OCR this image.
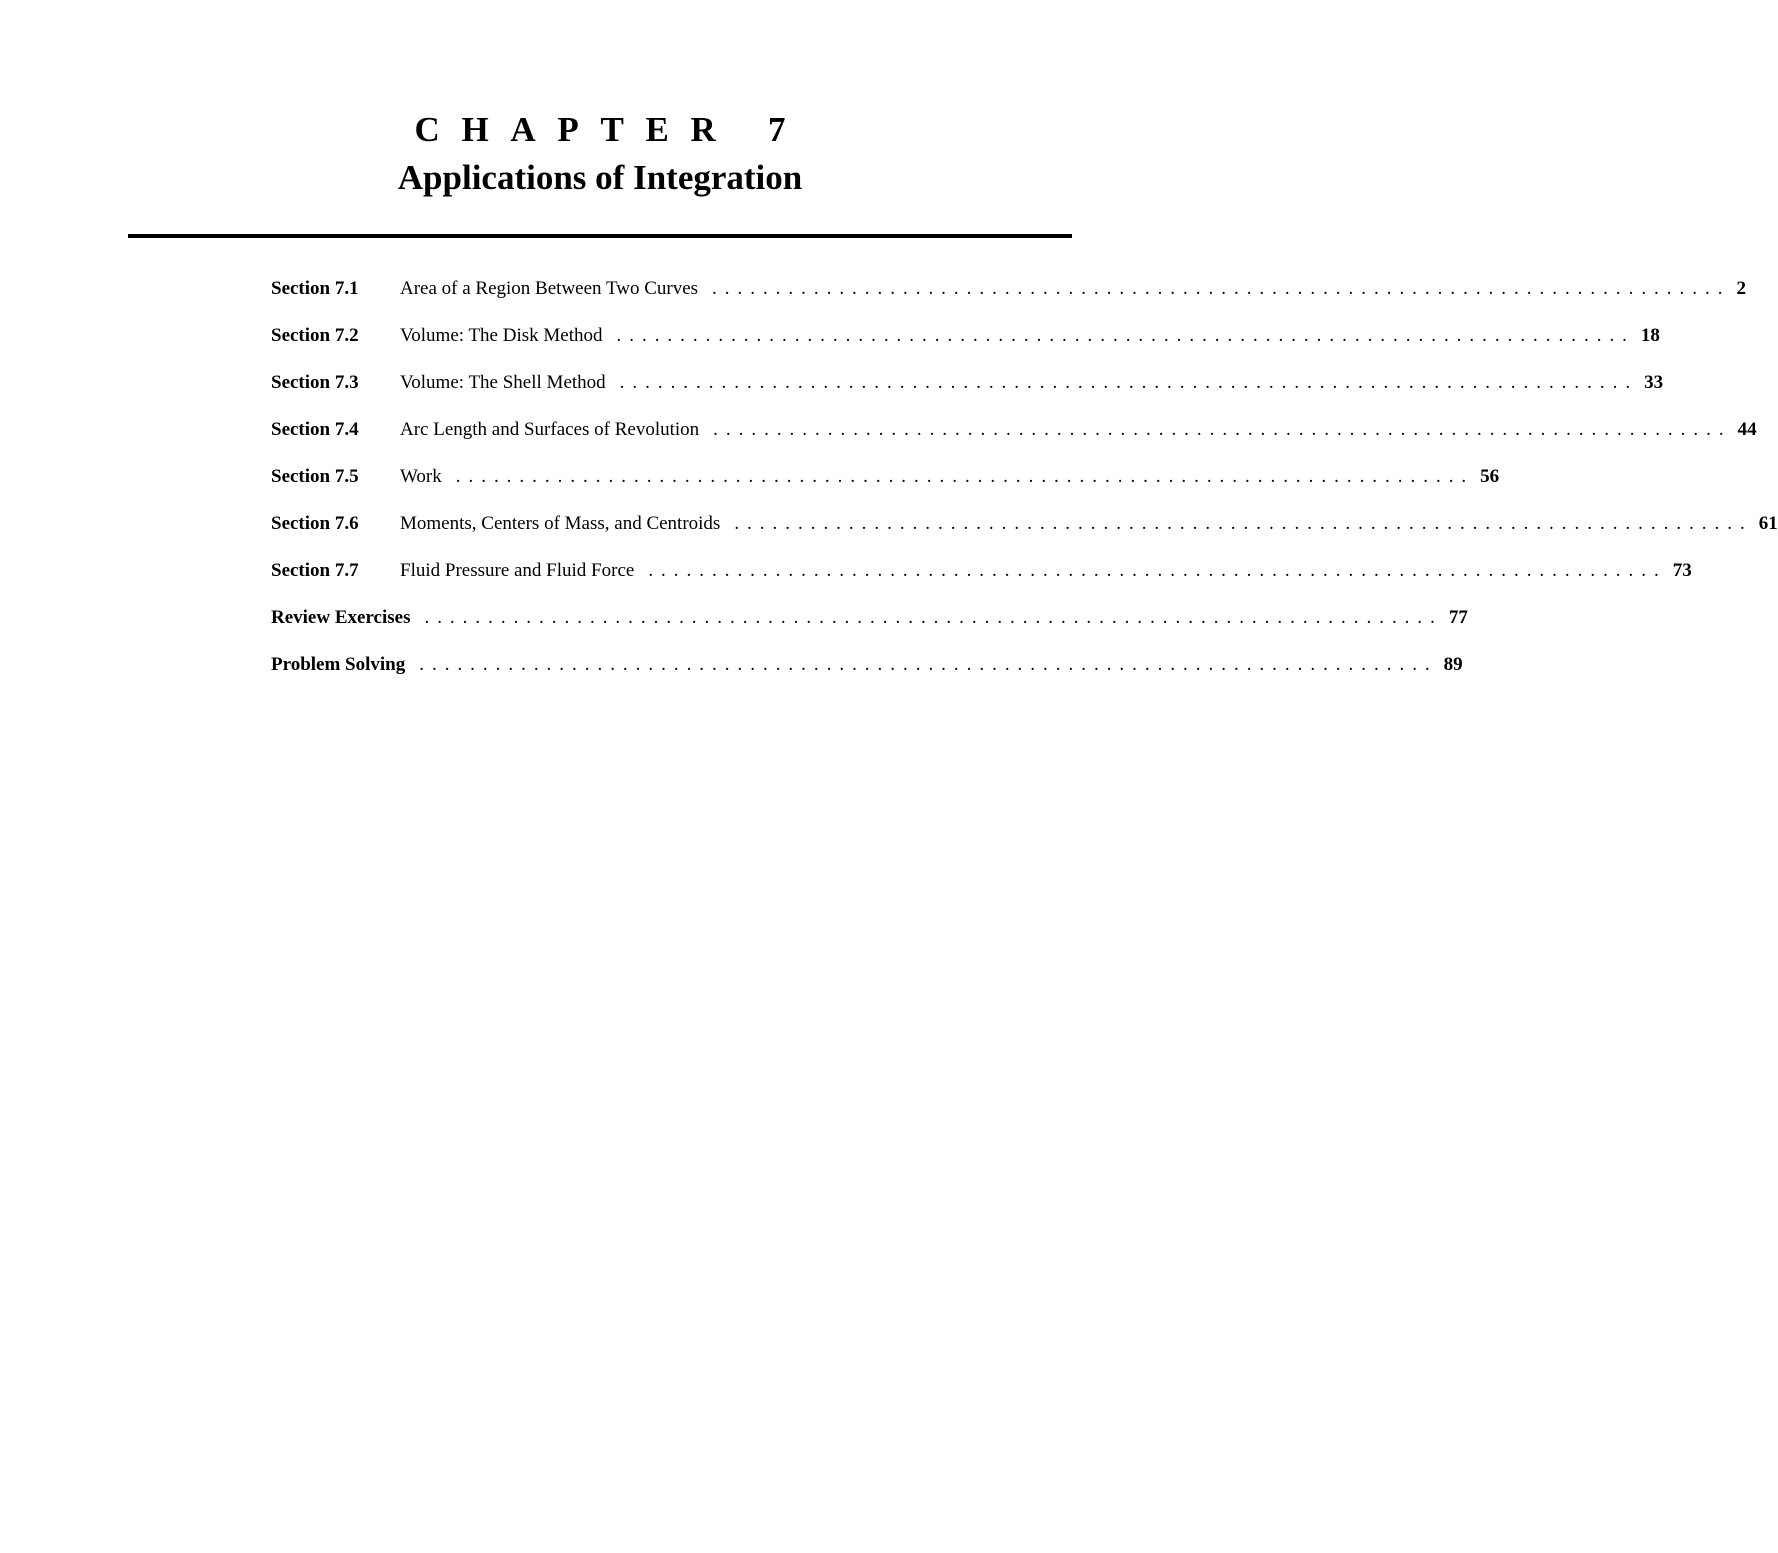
CHAPTER 7
Applications of Integration
Section 7.1	Area of a Region Between Two Curves ................................................................................ 2
Section 7.2	Volume: The Disk Method ................................................................................ 18
Section 7.3	Volume: The Shell Method ................................................................................ 33
Section 7.4	Arc Length and Surfaces of Revolution ................................................................................ 44
Section 7.5	Work ................................................................................ 56
Section 7.6	Moments, Centers of Mass, and Centroids ................................................................................ 61
Section 7.7	Fluid Pressure and Fluid Force ................................................................................ 73
Review Exercises ................................................................................ 77
Problem Solving ................................................................................ 89
